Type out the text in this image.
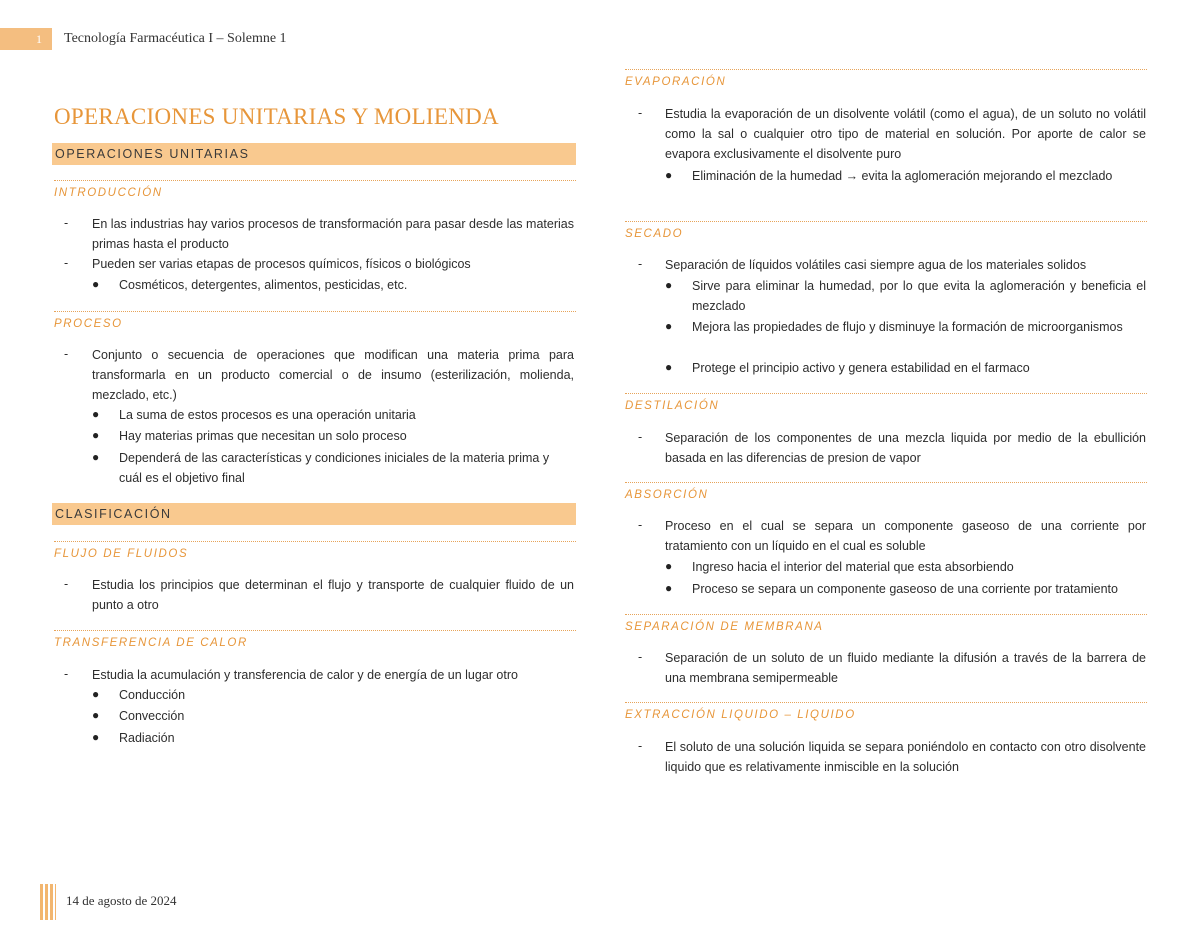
1	Tecnología Farmacéutica I – Solemne 1
OPERACIONES UNITARIAS Y MOLIENDA
OPERACIONES UNITARIAS
INTRODUCCIÓN
- En las industrias hay varios procesos de transformación para pasar desde las materias primas hasta el producto
- Pueden ser varias etapas de procesos químicos, físicos o biológicos
● Cosméticos, detergentes, alimentos, pesticidas, etc.
PROCESO
- Conjunto o secuencia de operaciones que modifican una materia prima para transformarla en un producto comercial o de insumo (esterilización, molienda, mezclado, etc.)
● La suma de estos procesos es una operación unitaria
● Hay materias primas que necesitan un solo proceso
● Dependerá de las características y condiciones iniciales de la materia prima y cuál es el objetivo final
CLASIFICACIÓN
FLUJO DE FLUIDOS
- Estudia los principios que determinan el flujo y transporte de cualquier fluido de un punto a otro
TRANSFERENCIA DE CALOR
- Estudia la acumulación y transferencia de calor y de energía de un lugar otro
● Conducción
● Convección
● Radiación
EVAPORACIÓN
- Estudia la evaporación de un disolvente volátil (como el agua), de un soluto no volátil como la sal o cualquier otro tipo de material en solución. Por aporte de calor se evapora exclusivamente el disolvente puro
● Eliminación de la humedad → evita la aglomeración mejorando el mezclado
SECADO
- Separación de líquidos volátiles casi siempre agua de los materiales solidos
● Sirve para eliminar la humedad, por lo que evita la aglomeración y beneficia el mezclado
● Mejora las propiedades de flujo y disminuye la formación de microorganismos
● Protege el principio activo y genera estabilidad en el farmaco
DESTILACIÓN
- Separación de los componentes de una mezcla liquida por medio de la ebullición basada en las diferencias de presion de vapor
ABSORCIÓN
- Proceso en el cual se separa un componente gaseoso de una corriente por tratamiento con un líquido en el cual es soluble
● Ingreso hacia el interior del material que esta absorbiendo
● Proceso se separa un componente gaseoso de una corriente por tratamiento
SEPARACIÓN DE MEMBRANA
- Separación de un soluto de un fluido mediante la difusión a través de la barrera de una membrana semipermeable
EXTRACCIÓN LIQUIDO – LIQUIDO
- El soluto de una solución liquida se separa poniéndolo en contacto con otro disolvente liquido que es relativamente inmiscible en la solución
14 de agosto de 2024
